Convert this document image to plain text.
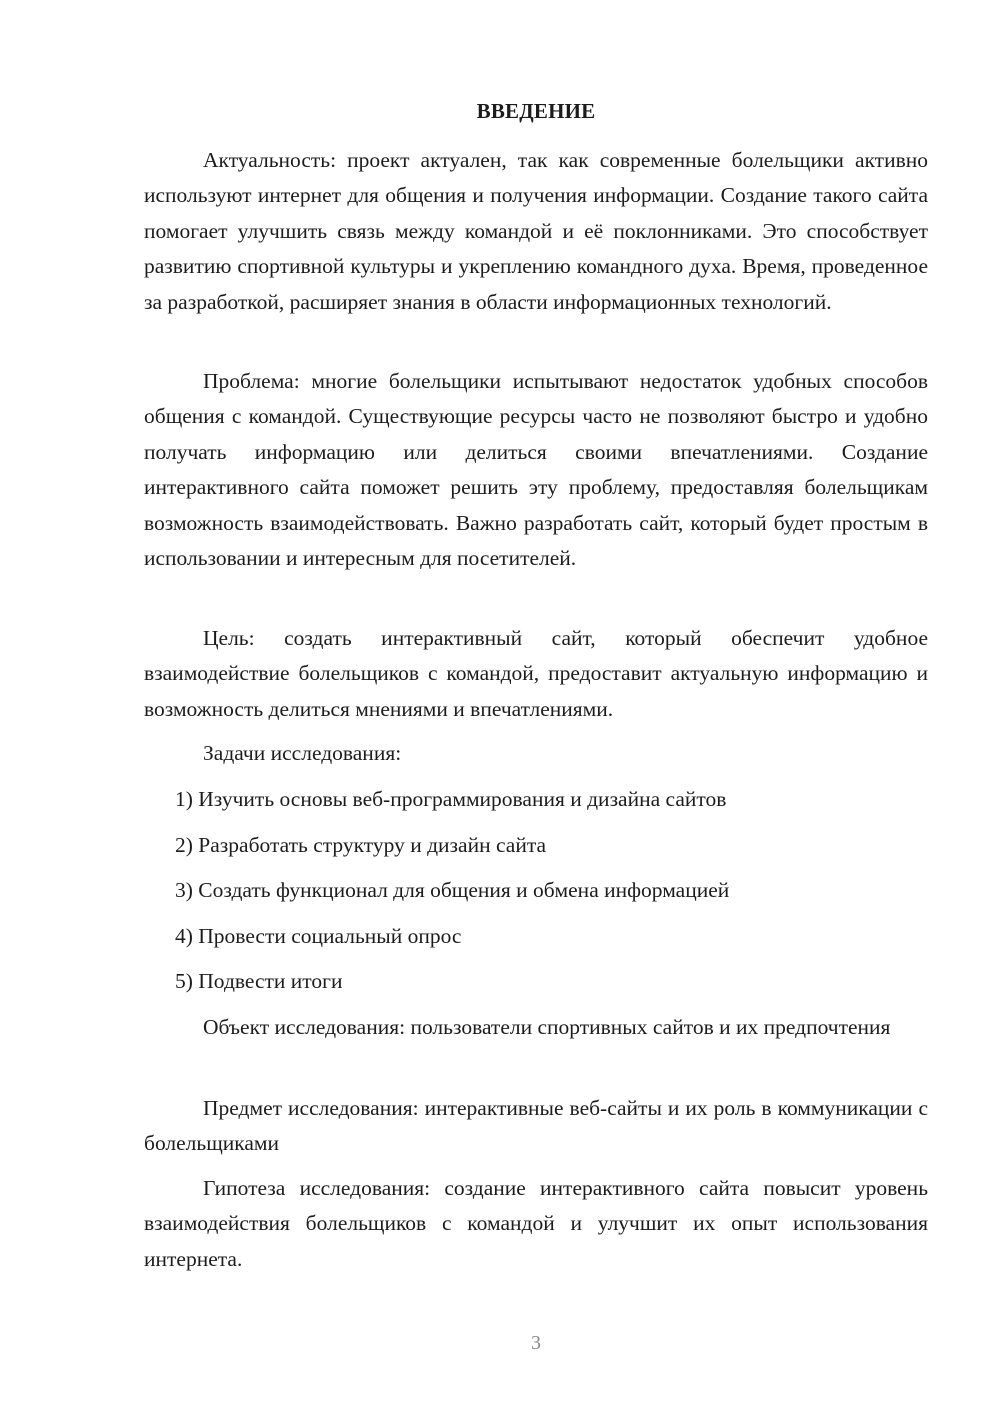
ВВЕДЕНИЕ

Актуальность: проект актуален, так как современные болельщики активно используют интернет для общения и получения информации. Создание такого сайта помогает улучшить связь между командой и её поклонниками. Это способствует развитию спортивной культуры и укреплению командного духа. Время, проведенное за разработкой, расширяет знания в области информационных технологий.

Проблема: многие болельщики испытывают недостаток удобных способов общения с командой. Существующие ресурсы часто не позволяют быстро и удобно получать информацию или делиться своими впечатлениями. Создание интерактивного сайта поможет решить эту проблему, предоставляя болельщикам возможность взаимодействовать. Важно разработать сайт, который будет простым в использовании и интересным для посетителей.

Цель: создать интерактивный сайт, который обеспечит удобное взаимодействие болельщиков с командой, предоставит актуальную информацию и возможность делиться мнениями и впечатлениями.

Задачи исследования:

1) Изучить основы веб-программирования и дизайна сайтов

2) Разработать структуру и дизайн сайта

3) Создать функционал для общения и обмена информацией

4) Провести социальный опрос

5) Подвести итоги

Объект исследования: пользователи спортивных сайтов и их предпочтения

Предмет исследования: интерактивные веб-сайты и их роль в коммуникации с болельщиками

Гипотеза исследования: создание интерактивного сайта повысит уровень взаимодействия болельщиков с командой и улучшит их опыт использования интернета.

3
